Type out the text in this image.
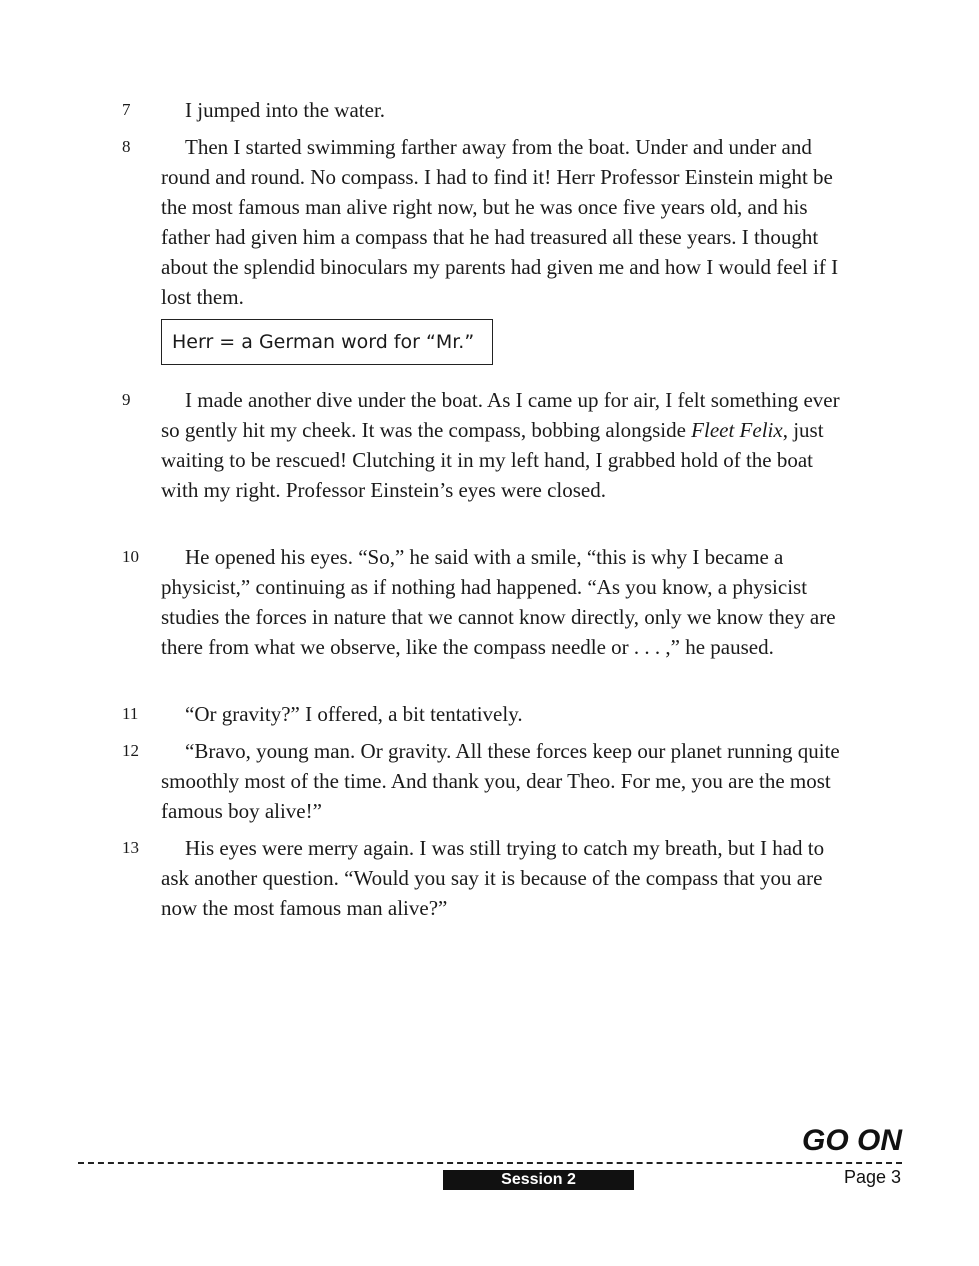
7	I jumped into the water.

8	Then I started swimming farther away from the boat. Under and under and round and round. No compass. I had to find it! Herr Professor Einstein might be the most famous man alive right now, but he was once five years old, and his father had given him a compass that he had treasured all these years. I thought about the splendid binoculars my parents had given me and how I would feel if I lost them.

Herr = a German word for “Mr.”
9	I made another dive under the boat. As I came up for air, I felt something ever so gently hit my cheek. It was the compass, bobbing alongside Fleet Felix, just waiting to be rescued! Clutching it in my left hand, I grabbed hold of the boat with my right. Professor Einstein’s eyes were closed.

10	He opened his eyes. “So,” he said with a smile, “this is why I became a physicist,” continuing as if nothing had happened. “As you know, a physicist studies the forces in nature that we cannot know directly, only we know they are there from what we observe, like the compass needle or . . . ,” he paused.

11	“Or gravity?” I offered, a bit tentatively.

12	“Bravo, young man. Or gravity. All these forces keep our planet running quite smoothly most of the time. And thank you, dear Theo. For me, you are the most famous boy alive!”

13	His eyes were merry again. I was still trying to catch my breath, but I had to ask another question. “Would you say it is because of the compass that you are now the most famous man alive?”

GO ON
Session 2	Page 3
